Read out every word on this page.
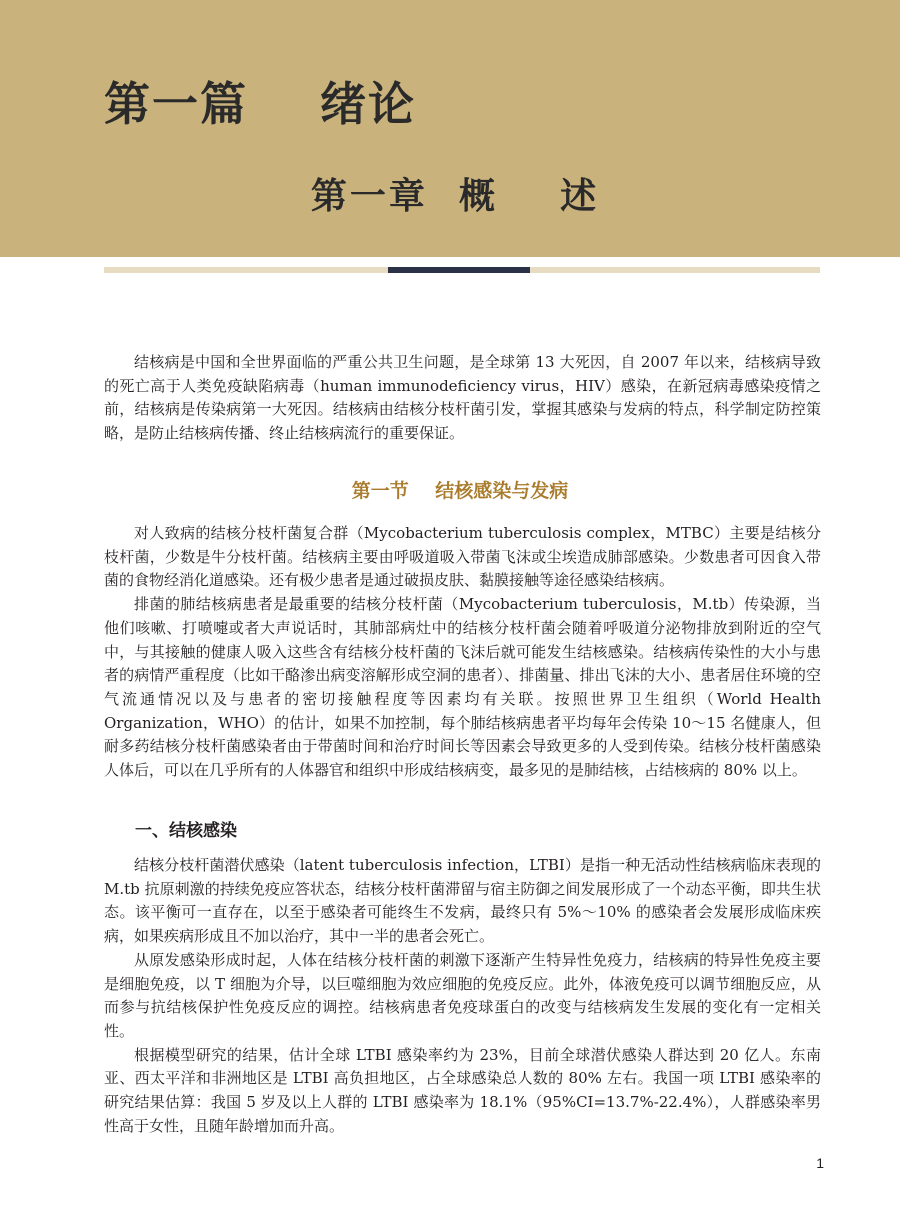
第一篇    绪论
第一章  概    述

结核病是中国和全世界面临的严重公共卫生问题，是全球第 13 大死因，自 2007 年以来，结核病导致的死亡高于人类免疫缺陷病毒（human immunodeficiency virus，HIV）感染，在新冠病毒感染疫情之前，结核病是传染病第一大死因。结核病由结核分枝杆菌引发，掌握其感染与发病的特点，科学制定防控策略，是防止结核病传播、终止结核病流行的重要保证。

第一节    结核感染与发病

对人致病的结核分枝杆菌复合群（Mycobacterium tuberculosis complex，MTBC）主要是结核分枝杆菌，少数是牛分枝杆菌。结核病主要由呼吸道吸入带菌飞沫或尘埃造成肺部感染。少数患者可因食入带菌的食物经消化道感染。还有极少患者是通过破损皮肤、黏膜接触等途径感染结核病。

排菌的肺结核病患者是最重要的结核分枝杆菌（Mycobacterium tuberculosis，M.tb）传染源，当他们咳嗽、打喷嚏或者大声说话时，其肺部病灶中的结核分枝杆菌会随着呼吸道分泌物排放到附近的空气中，与其接触的健康人吸入这些含有结核分枝杆菌的飞沫后就可能发生结核感染。结核病传染性的大小与患者的病情严重程度（比如干酪渗出病变溶解形成空洞的患者）、排菌量、排出飞沫的大小、患者居住环境的空气流通情况以及与患者的密切接触程度等因素均有关联。按照世界卫生组织（World Health Organization，WHO）的估计，如果不加控制，每个肺结核病患者平均每年会传染 10～15 名健康人，但耐多药结核分枝杆菌感染者由于带菌时间和治疗时间长等因素会导致更多的人受到传染。结核分枝杆菌感染人体后，可以在几乎所有的人体器官和组织中形成结核病变，最多见的是肺结核，占结核病的 80% 以上。

一、结核感染

结核分枝杆菌潜伏感染（latent tuberculosis infection，LTBI）是指一种无活动性结核病临床表现的 M.tb 抗原刺激的持续免疫应答状态，结核分枝杆菌滞留与宿主防御之间发展形成了一个动态平衡，即共生状态。该平衡可一直存在，以至于感染者可能终生不发病，最终只有 5%～10% 的感染者会发展形成临床疾病，如果疾病形成且不加以治疗，其中一半的患者会死亡。

从原发感染形成时起，人体在结核分枝杆菌的刺激下逐渐产生特异性免疫力，结核病的特异性免疫主要是细胞免疫，以 T 细胞为介导，以巨噬细胞为效应细胞的免疫反应。此外，体液免疫可以调节细胞反应，从而参与抗结核保护性免疫反应的调控。结核病患者免疫球蛋白的改变与结核病发生发展的变化有一定相关性。

根据模型研究的结果，估计全球 LTBI 感染率约为 23%，目前全球潜伏感染人群达到 20 亿人。东南亚、西太平洋和非洲地区是 LTBI 高负担地区，占全球感染总人数的 80% 左右。我国一项 LTBI 感染率的研究结果估算：我国 5 岁及以上人群的 LTBI 感染率为 18.1%（95%CI=13.7%-22.4%），人群感染率男性高于女性，且随年龄增加而升高。

1
